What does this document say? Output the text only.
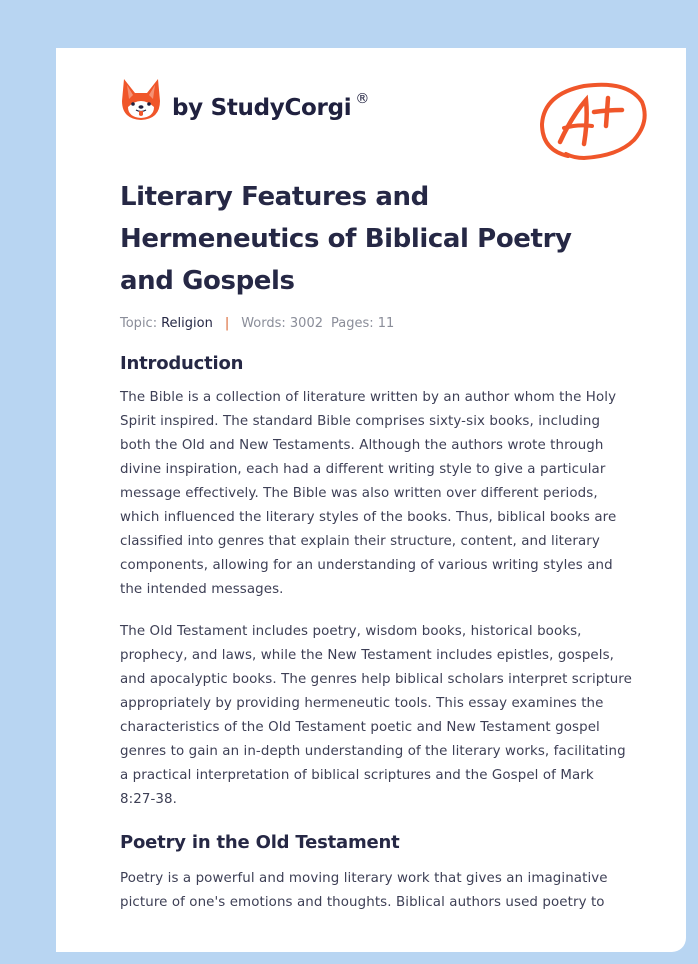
by StudyCorgi ®
Literary Features and Hermeneutics of Biblical Poetry and Gospels
Topic: Religion | Words: 3002 Pages: 11
Introduction

The Bible is a collection of literature written by an author whom the Holy Spirit inspired. The standard Bible comprises sixty-six books, including both the Old and New Testaments. Although the authors wrote through divine inspiration, each had a different writing style to give a particular message effectively. The Bible was also written over different periods, which influenced the literary styles of the books. Thus, biblical books are classified into genres that explain their structure, content, and literary components, allowing for an understanding of various writing styles and the intended messages.

The Old Testament includes poetry, wisdom books, historical books, prophecy, and laws, while the New Testament includes epistles, gospels, and apocalyptic books. The genres help biblical scholars interpret scripture appropriately by providing hermeneutic tools. This essay examines the characteristics of the Old Testament poetic and New Testament gospel genres to gain an in-depth understanding of the literary works, facilitating a practical interpretation of biblical scriptures and the Gospel of Mark 8:27-38.

Poetry in the Old Testament

Poetry is a powerful and moving literary work that gives an imaginative picture of one's emotions and thoughts. Biblical authors used poetry to
